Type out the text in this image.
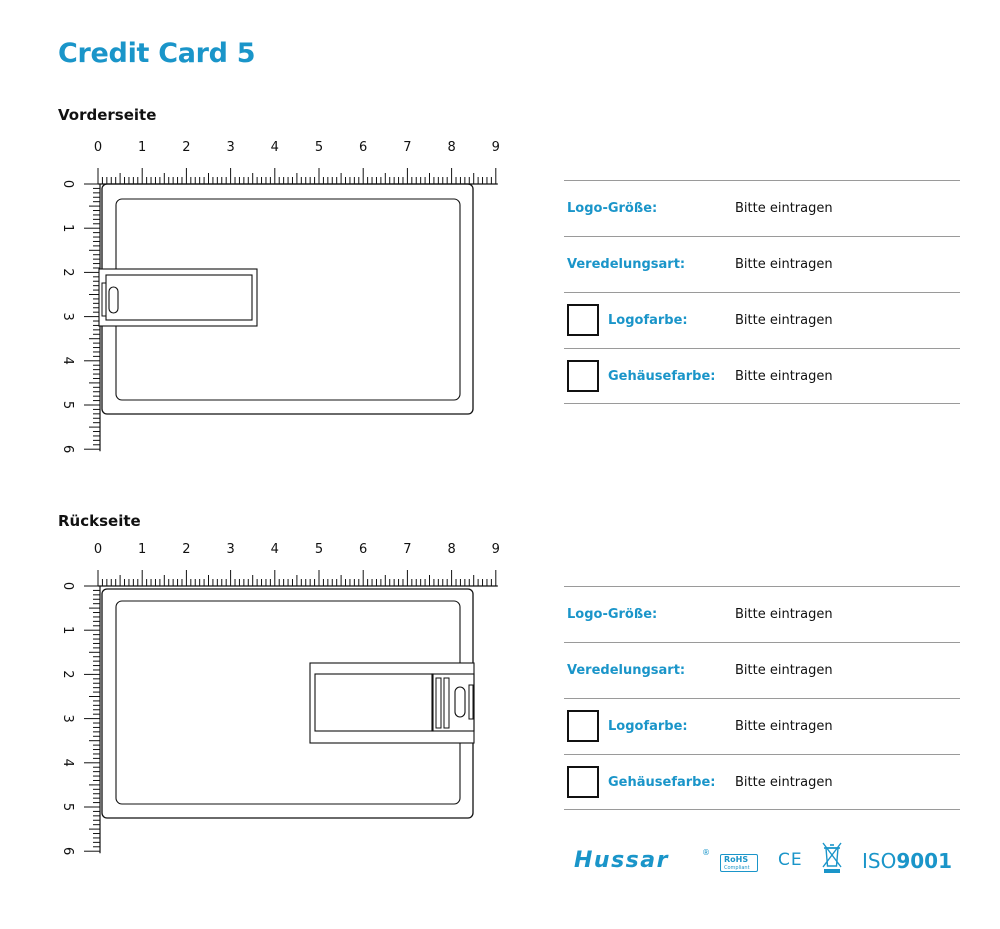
Credit Card 5
Vorderseite
0	1	2	3	4	5	6	7	8	9
0
1
2
3
4
5
6
Logo-Größe:	Bitte eintragen
Veredelungsart:	Bitte eintragen
Logofarbe:	Bitte eintragen
Gehäusefarbe: Bitte eintragen
Rückseite
0	1	2	3	4	5	6	7	8	9
0
1
2
3
4
5
6
Logo-Größe:	Bitte eintragen
Veredelungsart:	Bitte eintragen
Logofarbe:	Bitte eintragen
Gehäusefarbe: Bitte eintragen
Hussar	®
RoHS
Compliant	CE	ISO9001
